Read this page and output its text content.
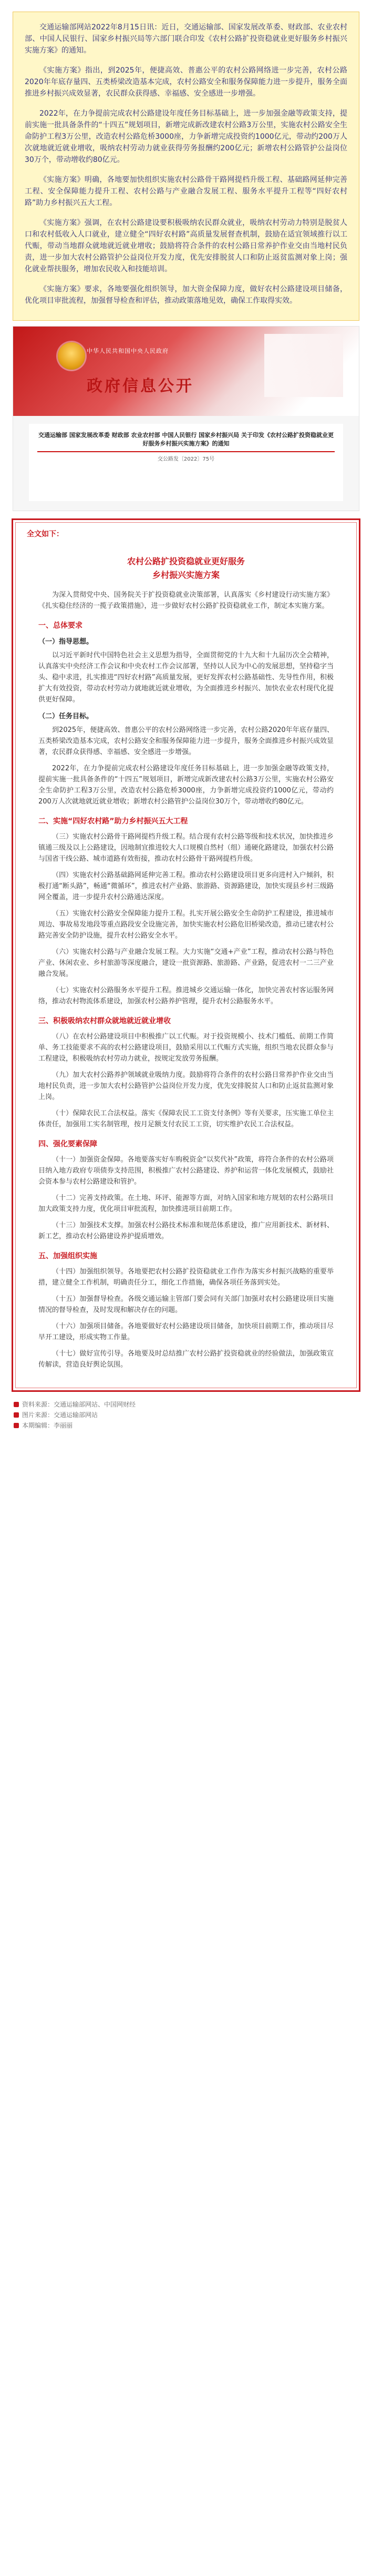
交通运输部网站2022年8月15日讯：近日，交通运输部、国家发展改革委、财政部、农业农村部、中国人民银行、国家乡村振兴局等六部门联合印发《农村公路扩投资稳就业更好服务乡村振兴实施方案》的通知。

《实施方案》指出，到2025年，便捷高效、普惠公平的农村公路网络进一步完善，农村公路2020年年底存量四、五类桥梁改造基本完成，农村公路安全和服务保障能力进一步提升，服务全面推进乡村振兴成效显著，农民群众获得感、幸福感、安全感进一步增强。

2022年，在力争提前完成农村公路建设年度任务目标基础上，进一步加强金融等政策支持，提前实施一批具备条件的“十四五”规划项目，新增完成新改建农村公路3万公里，实施农村公路安全生命防护工程3万公里，改造农村公路危桥3000座，力争新增完成投资约1000亿元，带动约200万人次就地就近就业增收，吸纳农村劳动力就业获得劳务报酬约200亿元；新增农村公路管护公益岗位30万个，带动增收约80亿元。

《实施方案》明确，各地要加快组织实施农村公路骨干路网提档升级工程、基础路网延伸完善工程、安全保障能力提升工程、农村公路与产业融合发展工程、服务水平提升工程等“四好农村路”助力乡村振兴五大工程。

《实施方案》强调，在农村公路建设要积极吸纳农民群众就业，吸纳农村劳动力特别是脱贫人口和农村低收入人口就业，建立健全“四好农村路”高质量发展督查机制，鼓励在适宜领域推行以工代赈，带动当地群众就地就近就业增收；鼓励将符合条件的农村公路日常养护作业交由当地村民负责，进一步加大农村公路管护公益岗位开发力度，优先安排脱贫人口和防止返贫监测对象上岗；强化就业帮扶服务，增加农民收入和技能培训。

《实施方案》要求，各地要强化组织领导，加大资金保障力度，做好农村公路建设项目储备，优化项目审批流程，加强督导检查和评估，推动政策落地见效，确保工作取得实效。

中华人民共和国中央人民政府
政府信息公开
交通运输部 国家发展改革委 财政部 农业农村部 中国人民银行 国家乡村振兴局 关于印发《农村公路扩投资稳就业更好服务乡村振兴实施方案》的通知
交公路发〔2022〕75号
全文如下：
农村公路扩投资稳就业更好服务
乡村振兴实施方案

为深入贯彻党中央、国务院关于扩投资稳就业决策部署，认真落实《乡村建设行动实施方案》《扎实稳住经济的一揽子政策措施》，进一步做好农村公路扩投资稳就业工作，制定本实施方案。

一、总体要求
（一）指导思想。

以习近平新时代中国特色社会主义思想为指导，全面贯彻党的十九大和十九届历次全会精神，认真落实中央经济工作会议和中央农村工作会议部署，坚持以人民为中心的发展思想，坚持稳字当头、稳中求进，扎实推进“四好农村路”高质量发展，更好发挥农村公路基础性、先导性作用，积极扩大有效投资，带动农村劳动力就地就近就业增收，为全面推进乡村振兴、加快农业农村现代化提供更好保障。

（二）任务目标。

到2025年，便捷高效、普惠公平的农村公路网络进一步完善，农村公路2020年年底存量四、五类桥梁改造基本完成，农村公路安全和服务保障能力进一步提升，服务全面推进乡村振兴成效显著，农民群众获得感、幸福感、安全感进一步增强。

2022年，在力争提前完成农村公路建设年度任务目标基础上，进一步加强金融等政策支持，提前实施一批具备条件的“十四五”规划项目，新增完成新改建农村公路3万公里，实施农村公路安全生命防护工程3万公里，改造农村公路危桥3000座，力争新增完成投资约1000亿元，带动约200万人次就地就近就业增收；新增农村公路管护公益岗位30万个，带动增收约80亿元。

二、实施“四好农村路”助力乡村振兴五大工程

（三）实施农村公路骨干路网提档升级工程。结合现有农村公路等级和技术状况，加快推进乡镇通三级及以上公路建设，因地制宜推进较大人口规模自然村（组）通硬化路建设，加强农村公路与国省干线公路、城市道路有效衔接，推动农村公路骨干路网提档升级。

（四）实施农村公路基础路网延伸完善工程。推动农村公路建设项目更多向进村入户倾斜，积极打通“断头路”，畅通“微循环”，推进农村产业路、旅游路、资源路建设，加快实现县乡村三级路网全覆盖，进一步提升农村公路通达深度。

（五）实施农村公路安全保障能力提升工程。扎实开展公路安全生命防护工程建设，推进城市周边、事故易发地段等重点路段安全设施完善，加快实施农村公路危旧桥梁改造，推动已建农村公路完善安全防护设施，提升农村公路安全水平。

（六）实施农村公路与产业融合发展工程。大力实施“交通+产业”工程，推动农村公路与特色产业、休闲农业、乡村旅游等深度融合，建设一批资源路、旅游路、产业路，促进农村一二三产业融合发展。

（七）实施农村公路服务水平提升工程。推进城乡交通运输一体化，加快完善农村客运服务网络，推动农村物流体系建设，加强农村公路养护管理，提升农村公路服务水平。

三、积极吸纳农村群众就地就近就业增收

（八）在农村公路建设项目中积极推广以工代赈。对于投资规模小、技术门槛低、前期工作简单、务工技能要求不高的农村公路建设项目，鼓励采用以工代赈方式实施，组织当地农民群众参与工程建设，积极吸纳农村劳动力就业，按规定发放劳务报酬。

（九）加大农村公路养护领域就业吸纳力度。鼓励将符合条件的农村公路日常养护作业交由当地村民负责，进一步加大农村公路管护公益岗位开发力度，优先安排脱贫人口和防止返贫监测对象上岗。

（十）保障农民工合法权益。落实《保障农民工工资支付条例》等有关要求，压实施工单位主体责任，加强用工实名制管理，按月足额支付农民工工资，切实维护农民工合法权益。

四、强化要素保障

（十一）加强资金保障。各地要落实好车购税资金“以奖代补”政策，将符合条件的农村公路项目纳入地方政府专项债券支持范围，积极推广农村公路建设、养护和运营一体化发展模式，鼓励社会资本参与农村公路建设和管护。

（十二）完善支持政策。在土地、环评、能源等方面，对纳入国家和地方规划的农村公路项目加大政策支持力度，优化项目审批流程，加快推进项目前期工作。

（十三）加强技术支撑。加强农村公路技术标准和规范体系建设，推广应用新技术、新材料、新工艺，推动农村公路建设养护提质增效。

五、加强组织实施

（十四）加强组织领导。各地要把农村公路扩投资稳就业工作作为落实乡村振兴战略的重要举措，建立健全工作机制，明确责任分工，细化工作措施，确保各项任务落到实处。

（十五）加强督导检查。各级交通运输主管部门要会同有关部门加强对农村公路建设项目实施情况的督导检查，及时发现和解决存在的问题。

（十六）加强项目储备。各地要做好农村公路建设项目储备，加快项目前期工作，推动项目尽早开工建设，形成实物工作量。

（十七）做好宣传引导。各地要及时总结推广农村公路扩投资稳就业的经验做法，加强政策宣传解读，营造良好舆论氛围。

资料来源：交通运输部网站、中国网财经
图片来源：交通运输部网站
本期编辑：李丽丽
